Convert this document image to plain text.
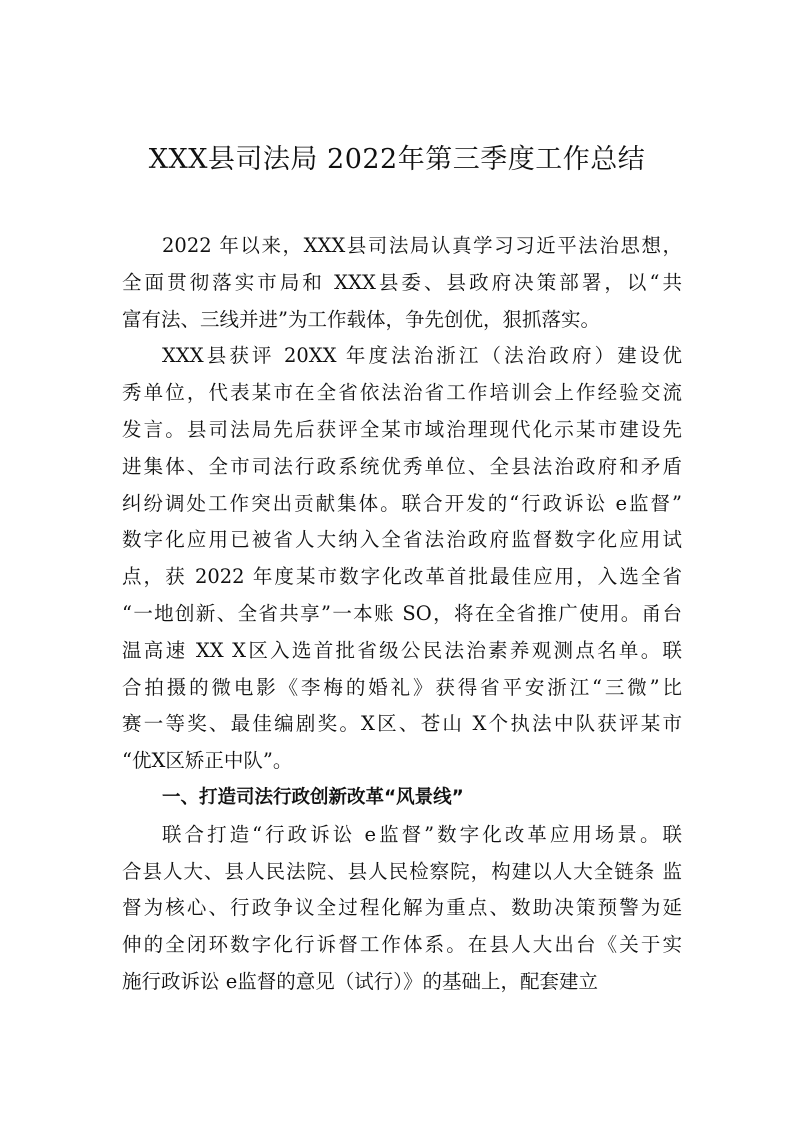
XXX县司法局 2022年第三季度工作总结
2022 年以来，XXX县司法局认真学习习近平法治思想，
全面贯彻落实市局和 XXX县委、县政府决策部署，以“共
富有法、三线并进”为工作载体，争先创优，狠抓落实。
XXX县获评 20XX 年度法治浙江（法治政府）建设优
秀单位，代表某市在全省依法治省工作培训会上作经验交流
发言。县司法局先后获评全某市域治理现代化示某市建设先
进集体、全市司法行政系统优秀单位、全县法治政府和矛盾
纠纷调处工作突出贡献集体。联合开发的“行政诉讼 e监督”
数字化应用已被省人大纳入全省法治政府监督数字化应用试
点，获 2022 年度某市数字化改革首批最佳应用，入选全省
“一地创新、全省共享”一本账 SO，将在全省推广使用。甬台
温高速 XX X区入选首批省级公民法治素养观测点名单。联
合拍摄的微电影《李梅的婚礼》获得省平安浙江“三微”比
赛一等奖、最佳编剧奖。X区、苍山 X个执法中队获评某市
“优X区矫正中队”。
一、打造司法行政创新改革“风景线”
联合打造“行政诉讼 e监督”数字化改革应用场景。联
合县人大、县人民法院、县人民检察院，构建以人大全链条 监
督为核心、行政争议全过程化解为重点、数助决策预警为延
伸的全闭环数字化行诉督工作体系。在县人大出台《关于实
施行政诉讼 e监督的意见（试行）》的基础上，配套建立
